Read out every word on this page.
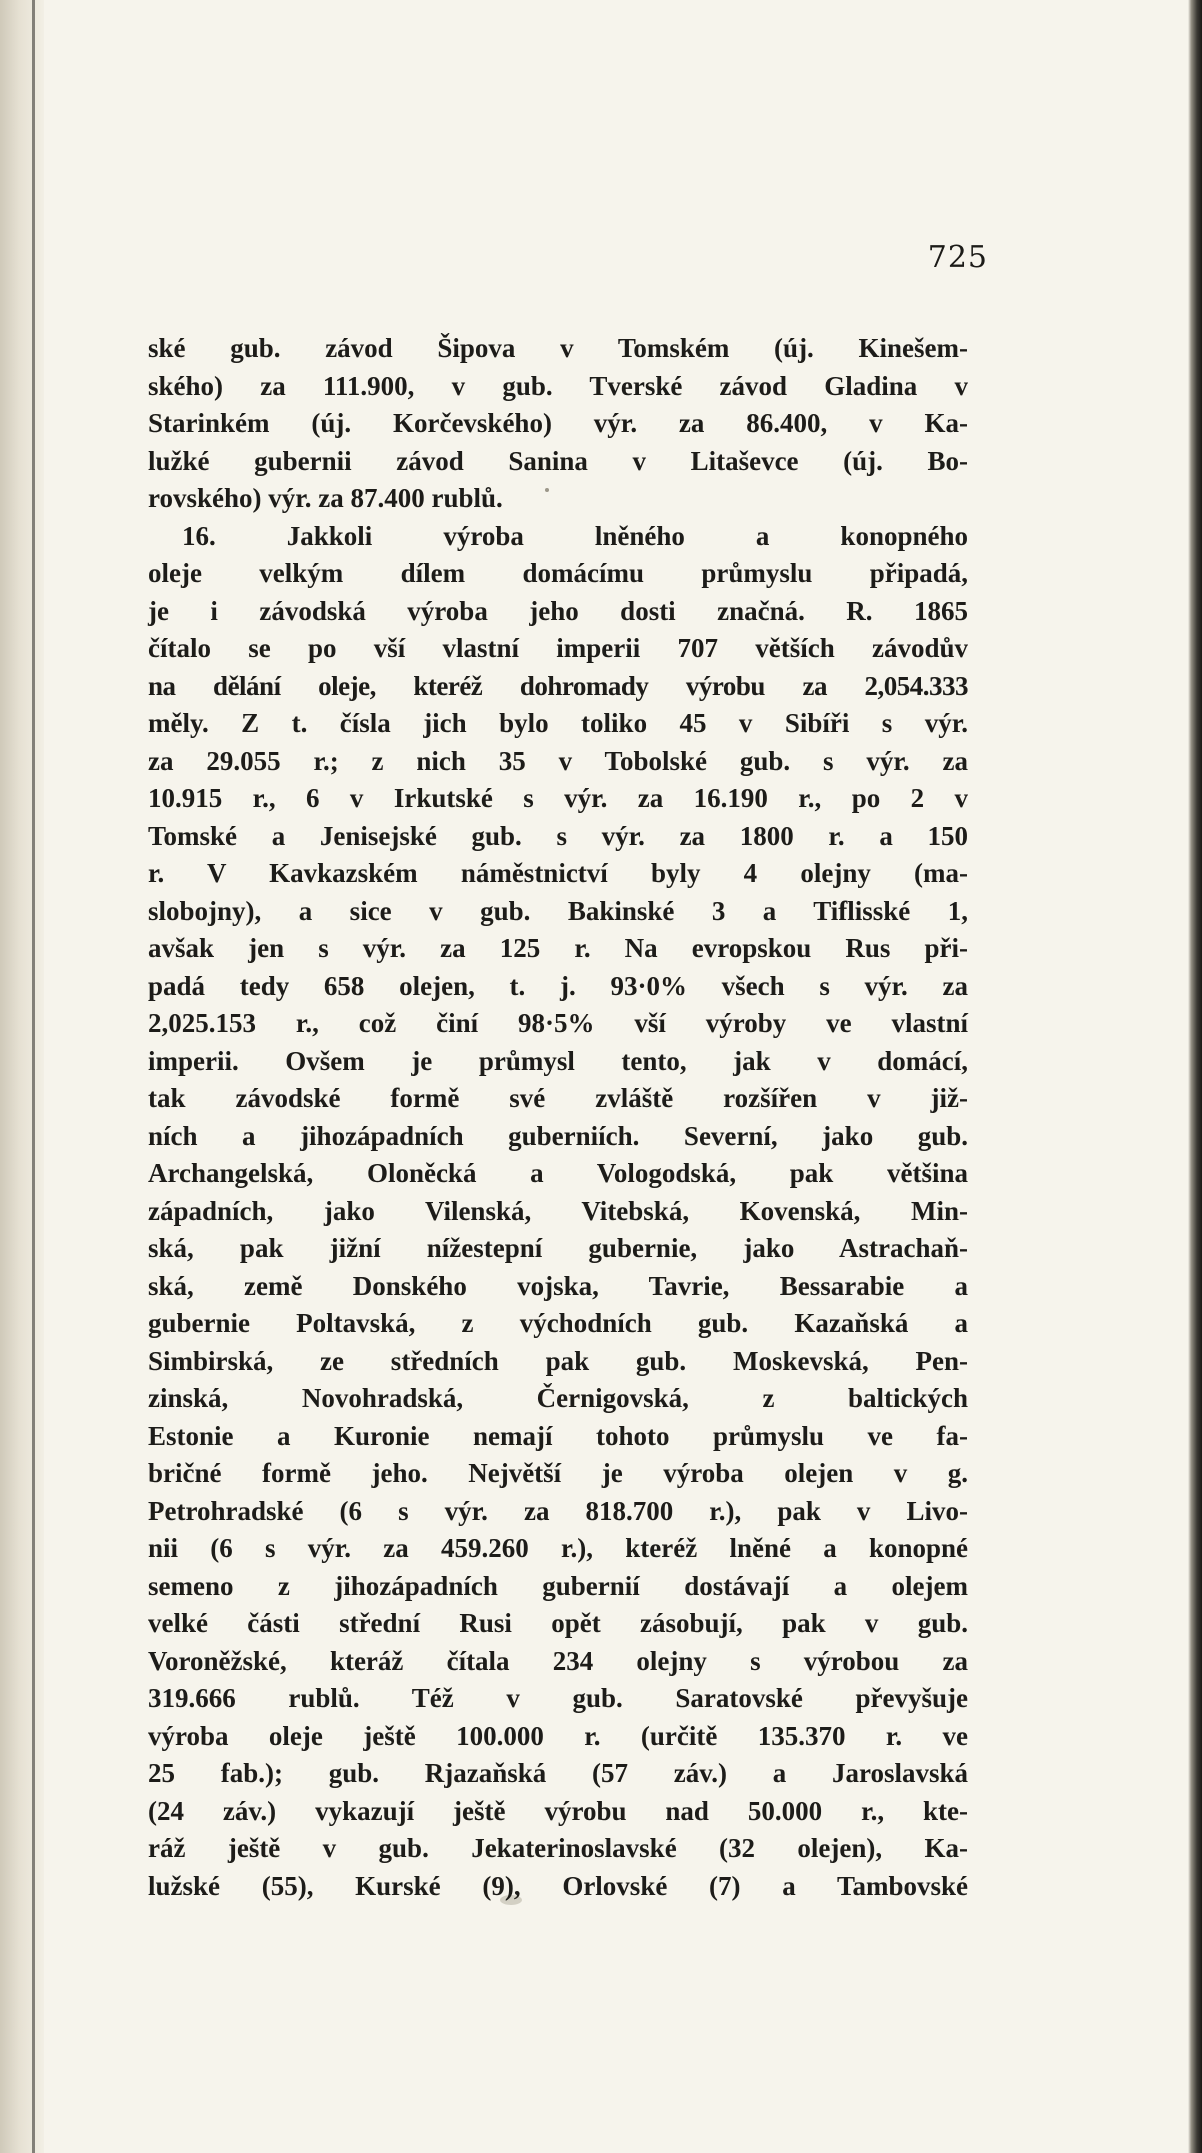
725
ské gub. závod Šipova v Tomském (új. Kinešem-
ského) za 111.900, v gub. Tverské závod Gladina v
Starinkém (új. Korčevského) výr. za 86.400, v Ka-
lužké gubernii závod Sanina v Litaševce (új. Bo-
rovského) výr. za 87.400 rublů.
16. Jakkoli výroba lněného a konopného
oleje velkým dílem domácímu průmyslu připadá,
je i závodská výroba jeho dosti značná. R. 1865
čítalo se po vší vlastní imperii 707 větších závodův
na dělání oleje, kteréž dohromady výrobu za 2,054.333
měly. Z t. čísla jich bylo toliko 45 v Sibíři s výr.
za 29.055 r.; z nich 35 v Tobolské gub. s výr. za
10.915 r., 6 v Irkutské s výr. za 16.190 r., po 2 v
Tomské a Jenisejské gub. s výr. za 1800 r. a 150
r. V Kavkazském náměstnictví byly 4 olejny (ma-
slobojny), a sice v gub. Bakinské 3 a Tiflisské 1,
avšak jen s výr. za 125 r. Na evropskou Rus při-
padá tedy 658 olejen, t. j. 93·0% všech s výr. za
2,025.153 r., což činí 98·5% vší výroby ve vlastní
imperii. Ovšem je průmysl tento, jak v domácí,
tak závodské formě své zvláště rozšířen v již-
ních a jihozápadních guberniích. Severní, jako gub.
Archangelská, Oloněcká a Vologodská, pak většina
západních, jako Vilenská, Vitebská, Kovenská, Min-
ská, pak jižní nížestepní gubernie, jako Astrachaň-
ská, země Donského vojska, Tavrie, Bessarabie a
gubernie Poltavská, z východních gub. Kazaňská a
Simbirská, ze středních pak gub. Moskevská, Pen-
zinská, Novohradská, Černigovská, z baltických
Estonie a Kuronie nemají tohoto průmyslu ve fa-
bričné formě jeho. Největší je výroba olejen v g.
Petrohradské (6 s výr. za 818.700 r.), pak v Livo-
nii (6 s výr. za 459.260 r.), kteréž lněné a konopné
semeno z jihozápadních gubernií dostávají a olejem
velké části střední Rusi opět zásobují, pak v gub.
Voroněžské, kteráž čítala 234 olejny s výrobou za
319.666 rublů. Též v gub. Saratovské převyšuje
výroba oleje ještě 100.000 r. (určitě 135.370 r. ve
25 fab.); gub. Rjazaňská (57 záv.) a Jaroslavská
(24 záv.) vykazují ještě výrobu nad 50.000 r., kte-
ráž ještě v gub. Jekaterinoslavské (32 olejen), Ka-
lužské (55), Kurské (9), Orlovské (7) a Tambovské
